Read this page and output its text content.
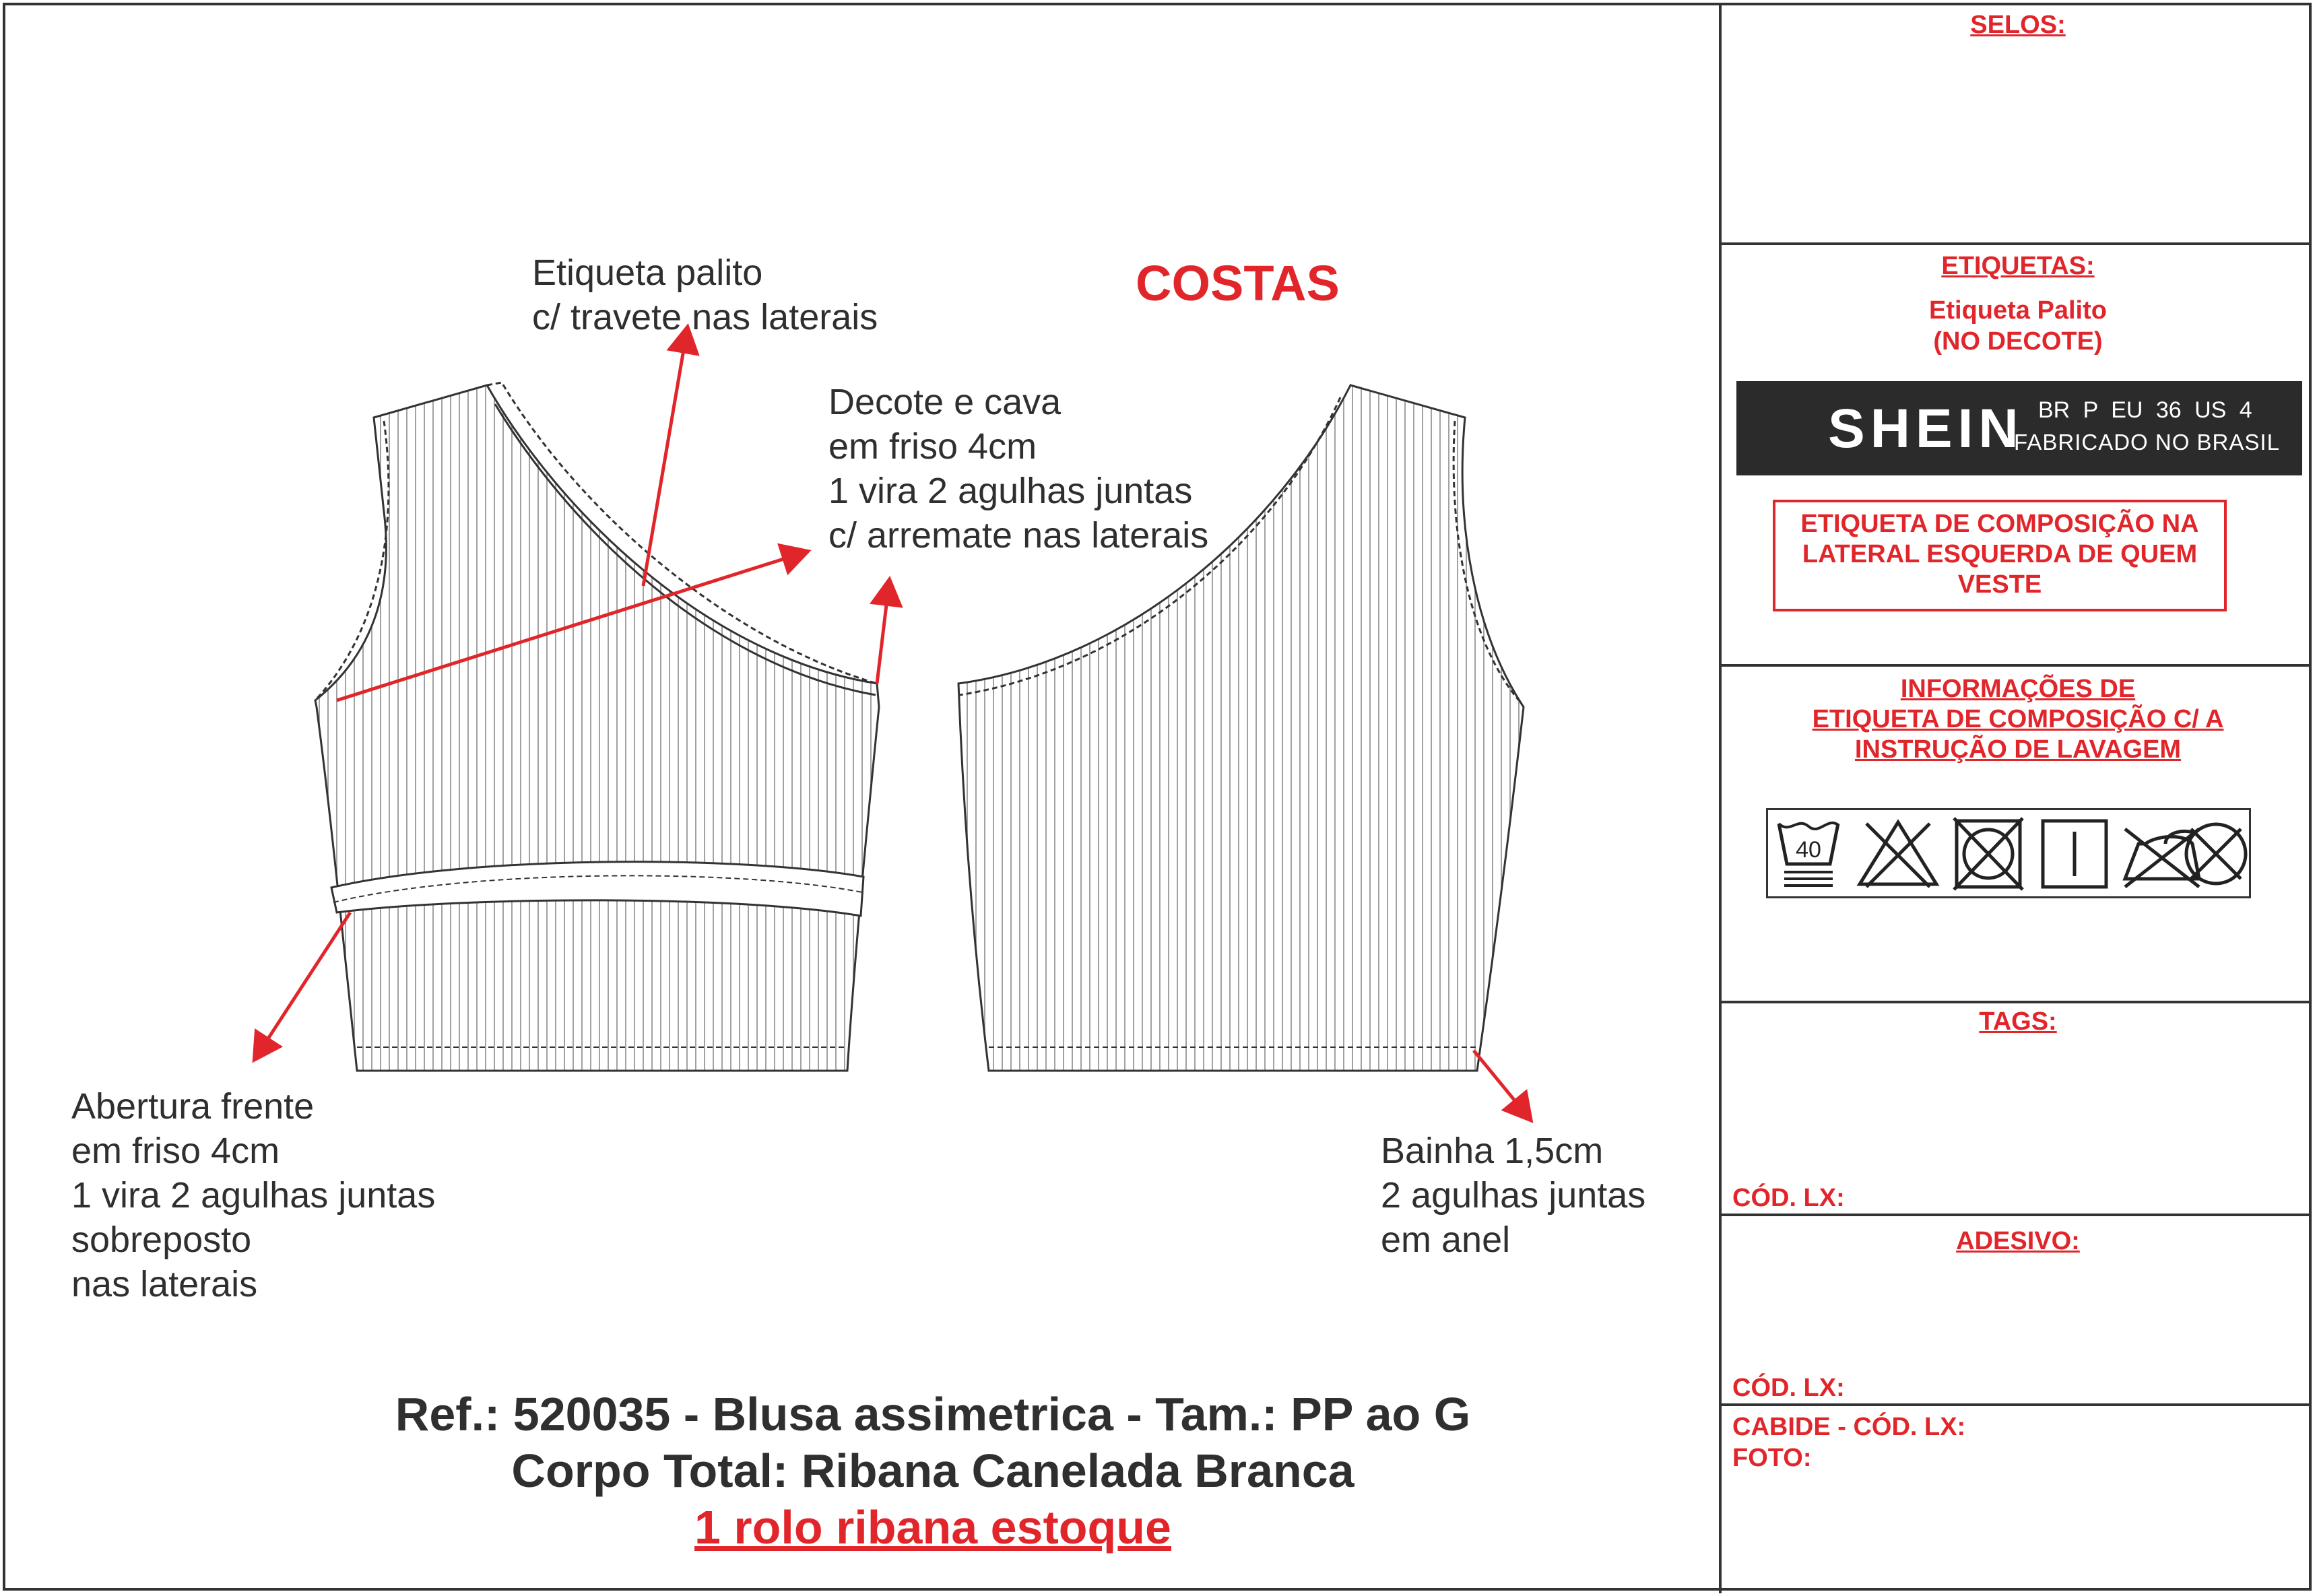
COSTAS
Etiqueta palito
c/ travete nas laterais
Decote e cava
em friso 4cm
1 vira 2 agulhas juntas
c/ arremate nas laterais
Abertura frente
em friso 4cm
1 vira 2 agulhas juntas
sobreposto
nas laterais
Bainha 1,5cm
2 agulhas juntas
em anel
Ref.: 520035 - Blusa assimetrica - Tam.: PP ao G
Corpo Total: Ribana Canelada Branca
1 rolo ribana estoque
SELOS:
ETIQUETAS:
Etiqueta Palito
(NO DECOTE)
SHEIN BR P EU 36 US 4
FABRICADO NO BRASIL
ETIQUETA DE COMPOSIÇÃO NA LATERAL ESQUERDA DE QUEM VESTE
INFORMAÇÕES DE
ETIQUETA DE COMPOSIÇÃO C/ A
INSTRUÇÃO DE LAVAGEM
40
TAGS:
CÓD. LX:
ADESIVO:
CÓD. LX:
CABIDE - CÓD. LX:
FOTO:
